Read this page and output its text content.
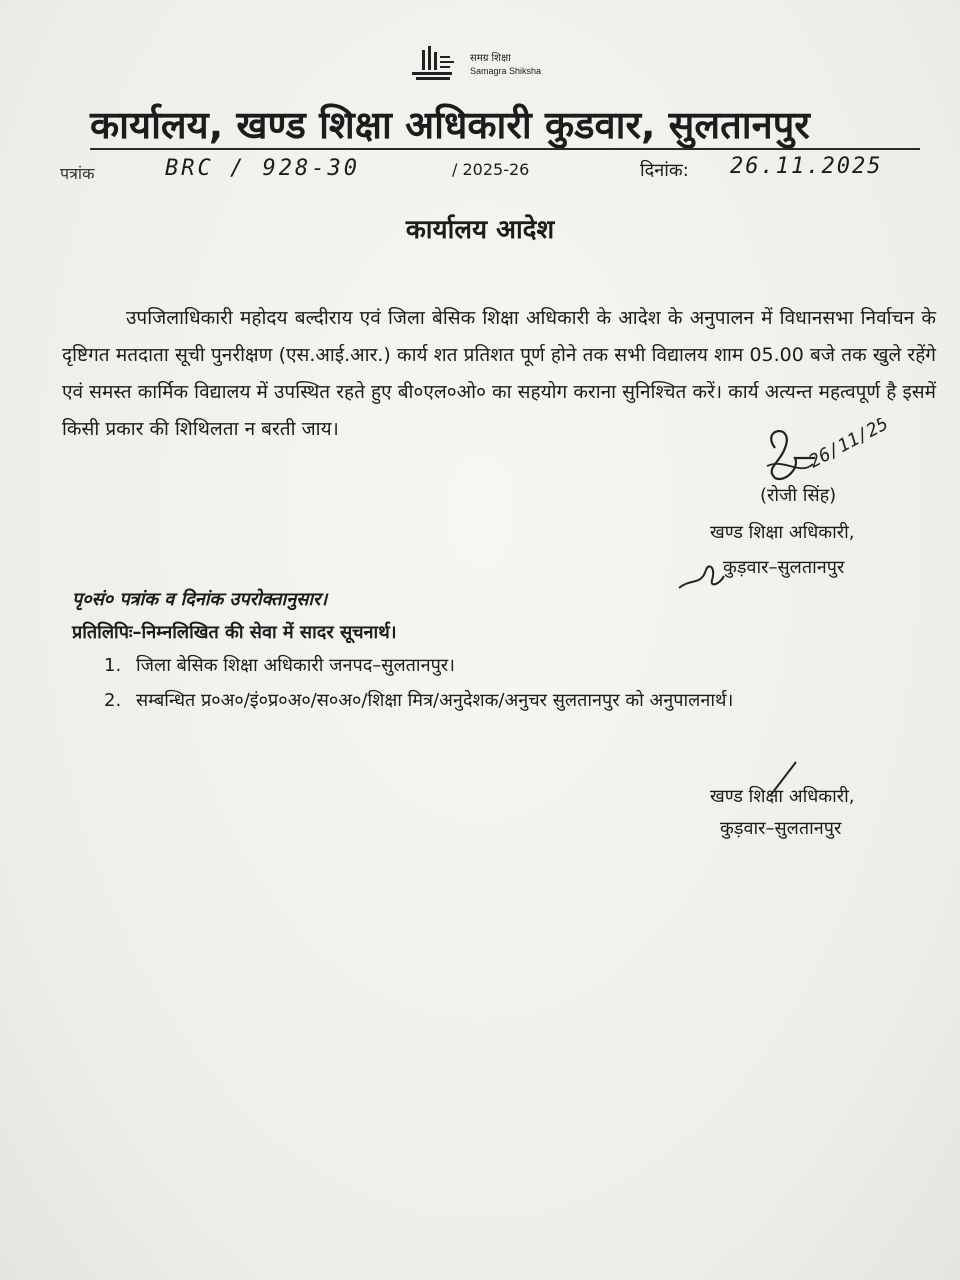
समग्र शिक्षा
Samagra Shiksha
कार्यालय, खण्ड शिक्षा अधिकारी कुडवार, सुलतानपुर
पत्रांक	BRC / 928-30	/ 2025-26	दिनांक: 26.11.2025
कार्यालय आदेश

उपजिलाधिकारी महोदय बल्दीराय एवं जिला बेसिक शिक्षा अधिकारी के आदेश के अनुपालन में विधानसभा निर्वाचन के दृष्टिगत मतदाता सूची पुनरीक्षण (एस.आई.आर.) कार्य शत प्रतिशत पूर्ण होने तक सभी विद्यालय शाम 05.00 बजे तक खुले रहेंगे एवं समस्त कार्मिक विद्यालय में उपस्थित रहते हुए बी०एल०ओ० का सहयोग कराना सुनिश्चित करें। कार्य अत्यन्त महत्वपूर्ण है इसमें किसी प्रकार की शिथिलता न बरती जाय।	26/11/25
(रोजी सिंह)
खण्ड शिक्षा अधिकारी,
कुड़वार–सुलतानपुर
पृ०सं० पत्रांक व दिनांक उपरोक्तानुसार।
प्रतिलिपिः–निम्नलिखित की सेवा में सादर सूचनार्थ।
1. जिला बेसिक शिक्षा अधिकारी जनपद–सुलतानपुर।
2. सम्बन्धित प्र०अ०/इं०प्र०अ०/स०अ०/शिक्षा मित्र/अनुदेशक/अनुचर सुलतानपुर को अनुपालनार्थ।
खण्ड शिक्षा अधिकारी,
कुड़वार–सुलतानपुर
